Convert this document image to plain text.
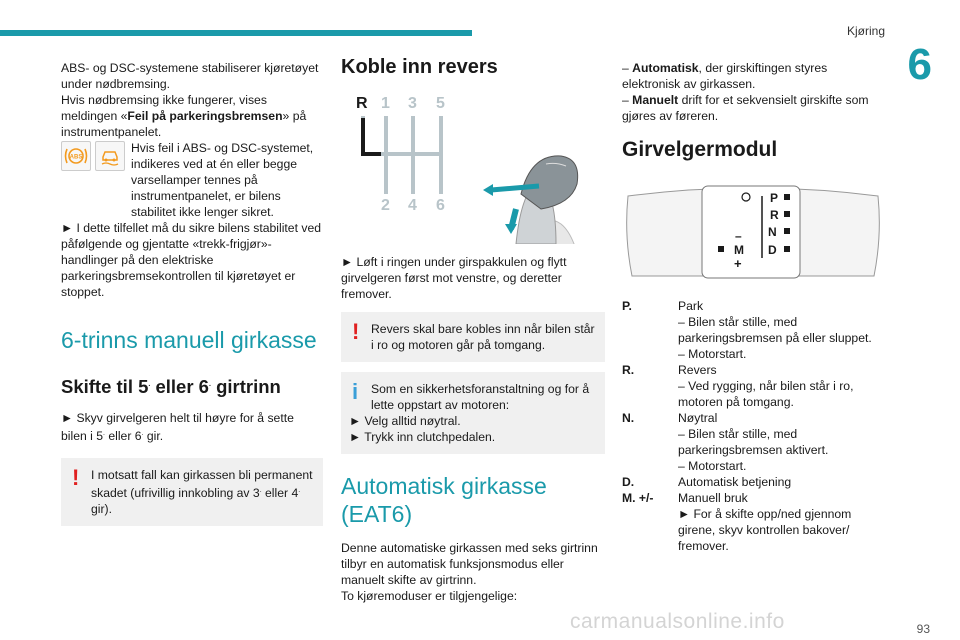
Kjøring
6

ABS- og DSC-systemene stabiliserer kjøretøyet under nødbremsing.

Hvis nødbremsing ikke fungerer, vises meldingen «Feil på parkeringsbremsen» på instrumentpanelet.

ABS
Hvis feil i ABS- og DSC-systemet, indikeres ved at én eller begge varsellamper tennes på instrumentpanelet, er bilens stabilitet ikke lenger sikret.

► I dette tilfellet må du sikre bilens stabilitet ved påfølgende og gjentatte «trekk-frigjør»-handlinger på den elektriske parkeringsbremsekontrollen til kjøretøyet er stoppet.

6-trinns manuell girkasse
Skifte til 5. eller 6. girtrinn

► Skyv girvelgeren helt til høyre for å sette bilen i 5. eller 6. gir.

! I motsatt fall kan girkassen bli permanent skadet (ufrivillig innkobling av 3. eller 4. gir).
Koble inn revers
R 1 3 5
2 4 6

► Løft i ringen under girspakkulen og flytt girvelgeren først mot venstre, og deretter fremover.

! Revers skal bare kobles inn når bilen står i ro og motoren går på tomgang.
i Som en sikkerhetsforanstaltning og for å lette oppstart av motoren:

► Velg alltid nøytral.

► Trykk inn clutchpedalen.

Automatisk girkasse (EAT6)

Denne automatiske girkassen med seks girtrinn tilbyr en automatisk funksjonsmodus eller manuelt skifte av girtrinn.

To kjøremoduser er tilgjengelige:

– Automatisk, der girskiftingen styres elektronisk av girkassen.

– Manuelt drift for et sekvensielt girskifte som gjøres av føreren.

Girvelgermodul
P
R
N
D
M
–
+
P.	Park

– Bilen står stille, med parkeringsbremsen på eller sluppet.

– Motorstart.

R.	Revers

– Ved rygging, når bilen står i ro, motoren på tomgang.

N.	Nøytral

– Bilen står stille, med parkeringsbremsen aktivert.

– Motorstart.

D.	Automatisk betjening

M. +/-	Manuell bruk

► For å skifte opp/ned gjennom girene, skyv kontrollen bakover/ fremover.

carmanualsonline.info	93
